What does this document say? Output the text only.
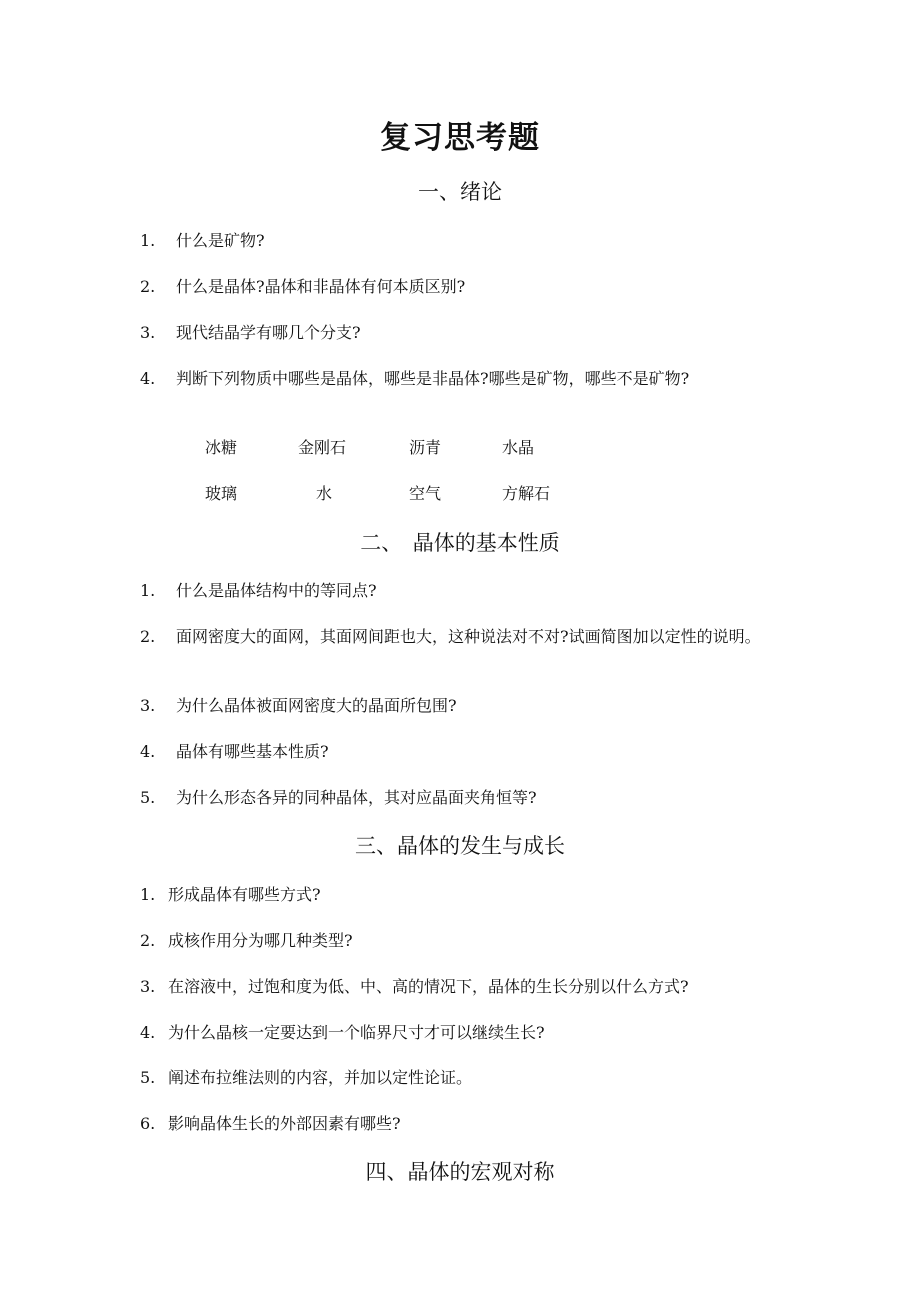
复习思考题
一、绪论
1. 什么是矿物?
2. 什么是晶体?晶体和非晶体有何本质区别?
3. 现代结晶学有哪几个分支?
4. 判断下列物质中哪些是晶体，哪些是非晶体?哪些是矿物，哪些不是矿物?
冰糖	金刚石	沥青	水晶
玻璃	水	空气	方解石
二、　晶体的基本性质
1. 什么是晶体结构中的等同点?
2. 面网密度大的面网，其面网间距也大，这种说法对不对?试画简图加以定性的说明。
3. 为什么晶体被面网密度大的晶面所包围?
4. 晶体有哪些基本性质?
5. 为什么形态各异的同种晶体，其对应晶面夹角恒等?
三、晶体的发生与成长
1. 形成晶体有哪些方式?
2. 成核作用分为哪几种类型?
3. 在溶液中，过饱和度为低、中、高的情况下，晶体的生长分别以什么方式?
4. 为什么晶核一定要达到一个临界尺寸才可以继续生长?
5. 阐述布拉维法则的内容，并加以定性论证。
6. 影响晶体生长的外部因素有哪些?
四、晶体的宏观对称
